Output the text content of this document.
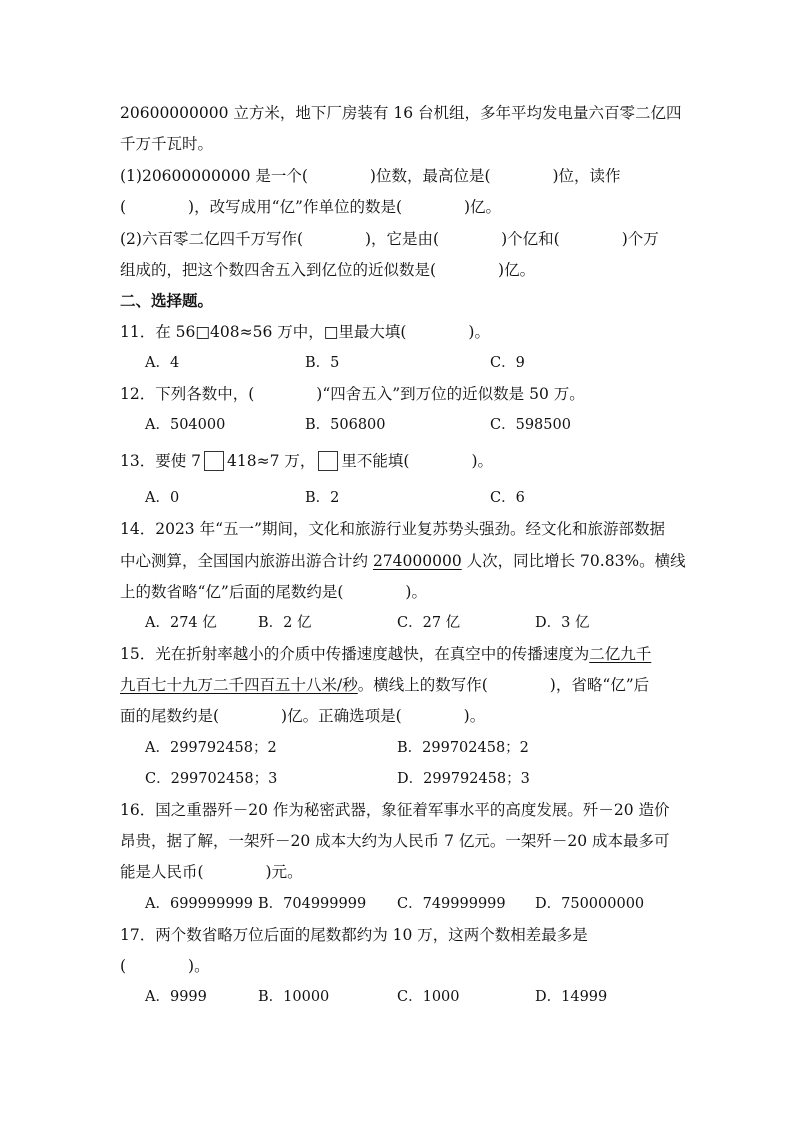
20600000000 立方米，地下厂房装有 16 台机组，多年平均发电量六百零二亿四
千万千瓦时。
(1)20600000000 是一个(　　　　)位数，最高位是(　　　　)位，读作
(　　　　)，改写成用“亿”作单位的数是(　　　　)亿。
(2)六百零二亿四千万写作(　　　　)，它是由(　　　　)个亿和(　　　　)个万
组成的，把这个数四舍五入到亿位的近似数是(　　　　)亿。
二、选择题。
11．在 56□408≈56 万中，□里最大填(　　　　)。
A．4	B．5	C．9
12．下列各数中，(　　　　)“四舍五入”到万位的近似数是 50 万。
A．504000	B．506800	C．598500
13．要使 7 418≈7 万， 里不能填(　　　　)。
A．0	B．2	C．6
14．2023 年“五一”期间，文化和旅游行业复苏势头强劲。经文化和旅游部数据
中心测算，全国国内旅游出游合计约 274000000 人次，同比增长 70.83%。横线
上的数省略“亿”后面的尾数约是(　　　　)。
A．274 亿	B．2 亿	C．27 亿	D．3 亿
15．光在折射率越小的介质中传播速度越快，在真空中的传播速度为二亿九千
九百七十九万二千四百五十八米/秒。横线上的数写作(　　　　)，省略“亿”后
面的尾数约是(　　　　)亿。正确选项是(　　　　)。
A．299792458；2	B．299702458；2
C．299702458；3	D．299792458；3
16．国之重器歼－20 作为秘密武器，象征着军事水平的高度发展。歼－20 造价
昂贵，据了解，一架歼－20 成本大约为人民币 7 亿元。一架歼－20 成本最多可
能是人民币(　　　　)元。
A．699999999 B．704999999 C．749999999 D．750000000
17．两个数省略万位后面的尾数都约为 10 万，这两个数相差最多是
(　　　　)。
A．9999	B．10000	C．1000	D．14999
